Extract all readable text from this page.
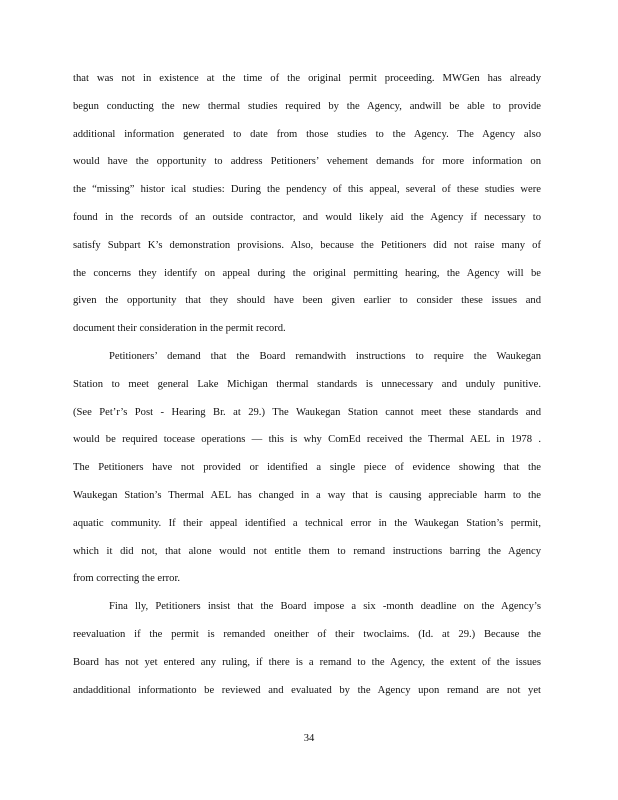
that was not in existence at the time of the original permit proceeding. MWGen has already
begun conducting the new thermal studies required by the Agency, andwill be able to provide
additional information generated to date from those studies to the Agency. The Agency also
would have the opportunity to address Petitioners’ vehement demands for more information on
the “missing” histor ical studies: During the pendency of this appeal, several of these studies were
found in the records of an outside contractor, and would likely aid the Agency if necessary to
satisfy Subpart K’s demonstration provisions. Also, because the Petitioners did not raise many of
the concerns they identify on appeal during the original permitting hearing, the Agency will be
given the opportunity that they should have been given earlier to consider these issues and
document their consideration in the permit record.
Petitioners’ demand that the Board remandwith instructions to require the Waukegan
Station to meet general Lake Michigan thermal standards is unnecessary and unduly punitive.
(See Pet’r’s Post - Hearing Br. at 29.) The Waukegan Station cannot meet these standards and
would be required tocease operations — this is why ComEd received the Thermal AEL in 1978 .
The Petitioners have not provided or identified a single piece of evidence showing that the
Waukegan Station’s Thermal AEL has changed in a way that is causing appreciable harm to the
aquatic community. If their appeal identified a technical error in the Waukegan Station’s permit,
which it did not, that alone would not entitle them to remand instructions barring the Agency
from correcting the error.
Fina lly, Petitioners insist that the Board impose a six -month deadline on the Agency’s
reevaluation if the permit is remanded oneither of their twoclaims. (Id. at 29.) Because the
Board has not yet entered any ruling, if there is a remand to the Agency, the extent of the issues
andadditional informationto be reviewed and evaluated by the Agency upon remand are not yet
34
